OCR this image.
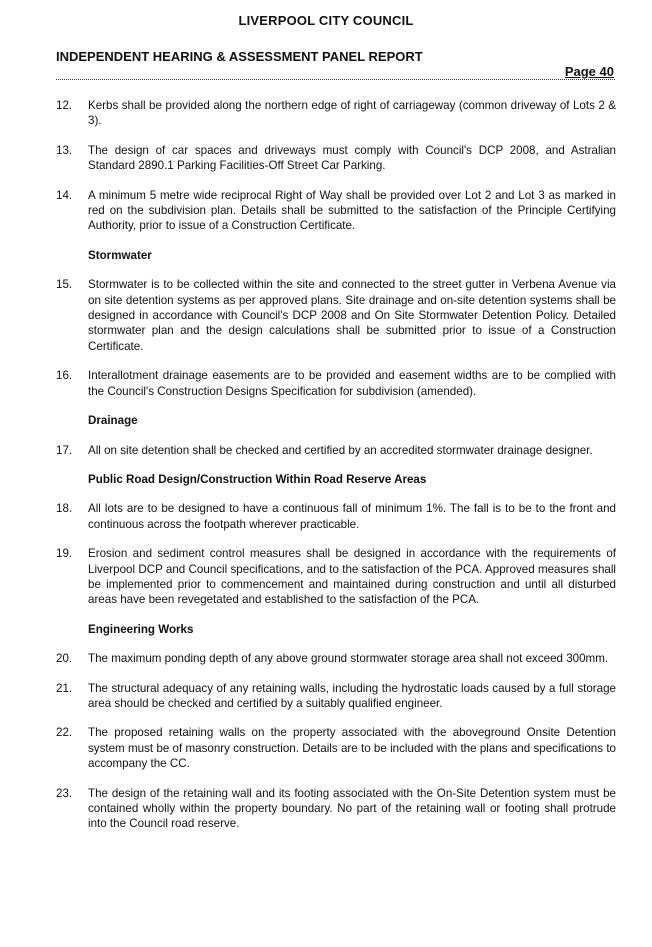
LIVERPOOL CITY COUNCIL
INDEPENDENT HEARING & ASSESSMENT PANEL REPORT
Page 40
12. Kerbs shall be provided along the northern edge of right of carriageway (common driveway of Lots 2 & 3).
13. The design of car spaces and driveways must comply with Council's DCP 2008, and Astralian Standard 2890.1 Parking Facilities-Off Street Car Parking.
14. A minimum 5 metre wide reciprocal Right of Way shall be provided over Lot 2 and Lot 3 as marked in red on the subdivision plan. Details shall be submitted to the satisfaction of the Principle Certifying Authority, prior to issue of a Construction Certificate.
Stormwater
15. Stormwater is to be collected within the site and connected to the street gutter in Verbena Avenue via on site detention systems as per approved plans. Site drainage and on-site detention systems shall be designed in accordance with Council's DCP 2008 and On Site Stormwater Detention Policy. Detailed stormwater plan and the design calculations shall be submitted prior to issue of a Construction Certificate.
16. Interallotment drainage easements are to be provided and easement widths are to be complied with the Council's Construction Designs Specification for subdivision (amended).
Drainage
17. All on site detention shall be checked and certified by an accredited stormwater drainage designer.
Public Road Design/Construction Within Road Reserve Areas
18. All lots are to be designed to have a continuous fall of minimum 1%. The fall is to be to the front and continuous across the footpath wherever practicable.
19. Erosion and sediment control measures shall be designed in accordance with the requirements of Liverpool DCP and Council specifications, and to the satisfaction of the PCA. Approved measures shall be implemented prior to commencement and maintained during construction and until all disturbed areas have been revegetated and established to the satisfaction of the PCA.
Engineering Works
20. The maximum ponding depth of any above ground stormwater storage area shall not exceed 300mm.
21. The structural adequacy of any retaining walls, including the hydrostatic loads caused by a full storage area should be checked and certified by a suitably qualified engineer.
22. The proposed retaining walls on the property associated with the aboveground Onsite Detention system must be of masonry construction. Details are to be included with the plans and specifications to accompany the CC.
23. The design of the retaining wall and its footing associated with the On-Site Detention system must be contained wholly within the property boundary. No part of the retaining wall or footing shall protrude into the Council road reserve.
